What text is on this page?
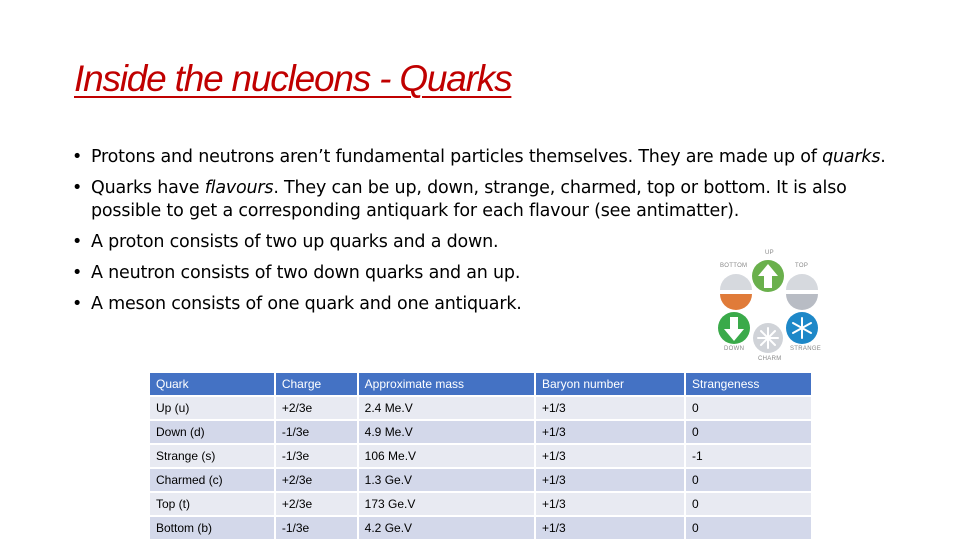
Inside the nucleons - Quarks
• Protons and neutrons aren’t fundamental particles themselves. They are made up of quarks.
• Quarks have flavours. They can be up, down, strange, charmed, top or bottom. It is also possible to get a corresponding antiquark for each flavour (see antimatter).
• A proton consists of two up quarks and a down.
• A neutron consists of two down quarks and an up.
• A meson consists of one quark and one antiquark.
UP
TOP
BOTTOM
DOWN	STRANGE
CHARM
Quark	Charge	Approximate mass	Baryon number	Strangeness
Up (u)	+2/3e	2.4 Me.V	+1/3	0
Down (d)	-1/3e	4.9 Me.V	+1/3	0
Strange (s)	-1/3e	106 Me.V	+1/3	-1
Charmed (c)	+2/3e	1.3 Ge.V	+1/3	0
Top (t)	+2/3e	173 Ge.V	+1/3	0
Bottom (b)	-1/3e	4.2 Ge.V	+1/3	0
